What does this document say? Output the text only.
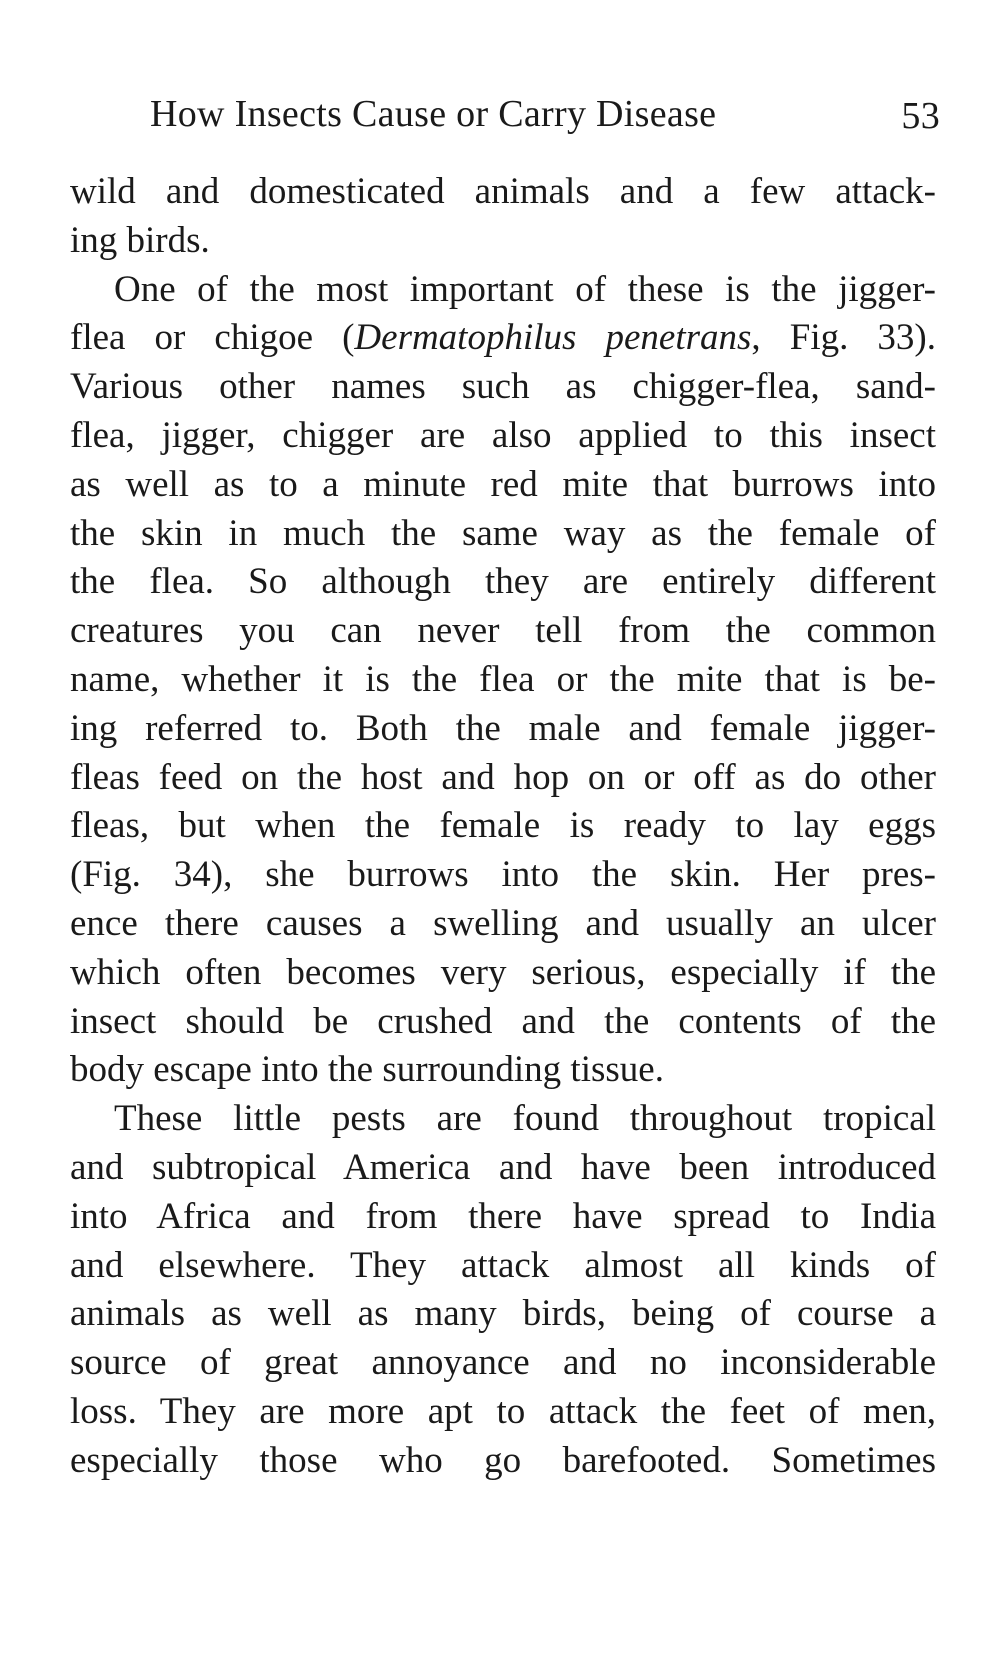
How Insects Cause or Carry Disease	53
wild and domesticated animals and a few attack-
ing birds.
One of the most important of these is the jigger-
flea or chigoe (Dermatophilus penetrans, Fig. 33).
Various other names such as chigger-flea, sand-
flea, jigger, chigger are also applied to this insect
as well as to a minute red mite that burrows into
the skin in much the same way as the female of
the flea. So although they are entirely different
creatures you can never tell from the common
name, whether it is the flea or the mite that is be-
ing referred to. Both the male and female jigger-
fleas feed on the host and hop on or off as do other
fleas, but when the female is ready to lay eggs
(Fig. 34), she burrows into the skin. Her pres-
ence there causes a swelling and usually an ulcer
which often becomes very serious, especially if the
insect should be crushed and the contents of the
body escape into the surrounding tissue.
These little pests are found throughout tropical
and subtropical America and have been introduced
into Africa and from there have spread to India
and elsewhere. They attack almost all kinds of
animals as well as many birds, being of course a
source of great annoyance and no inconsiderable
loss. They are more apt to attack the feet of men,
especially those who go barefooted. Sometimes
